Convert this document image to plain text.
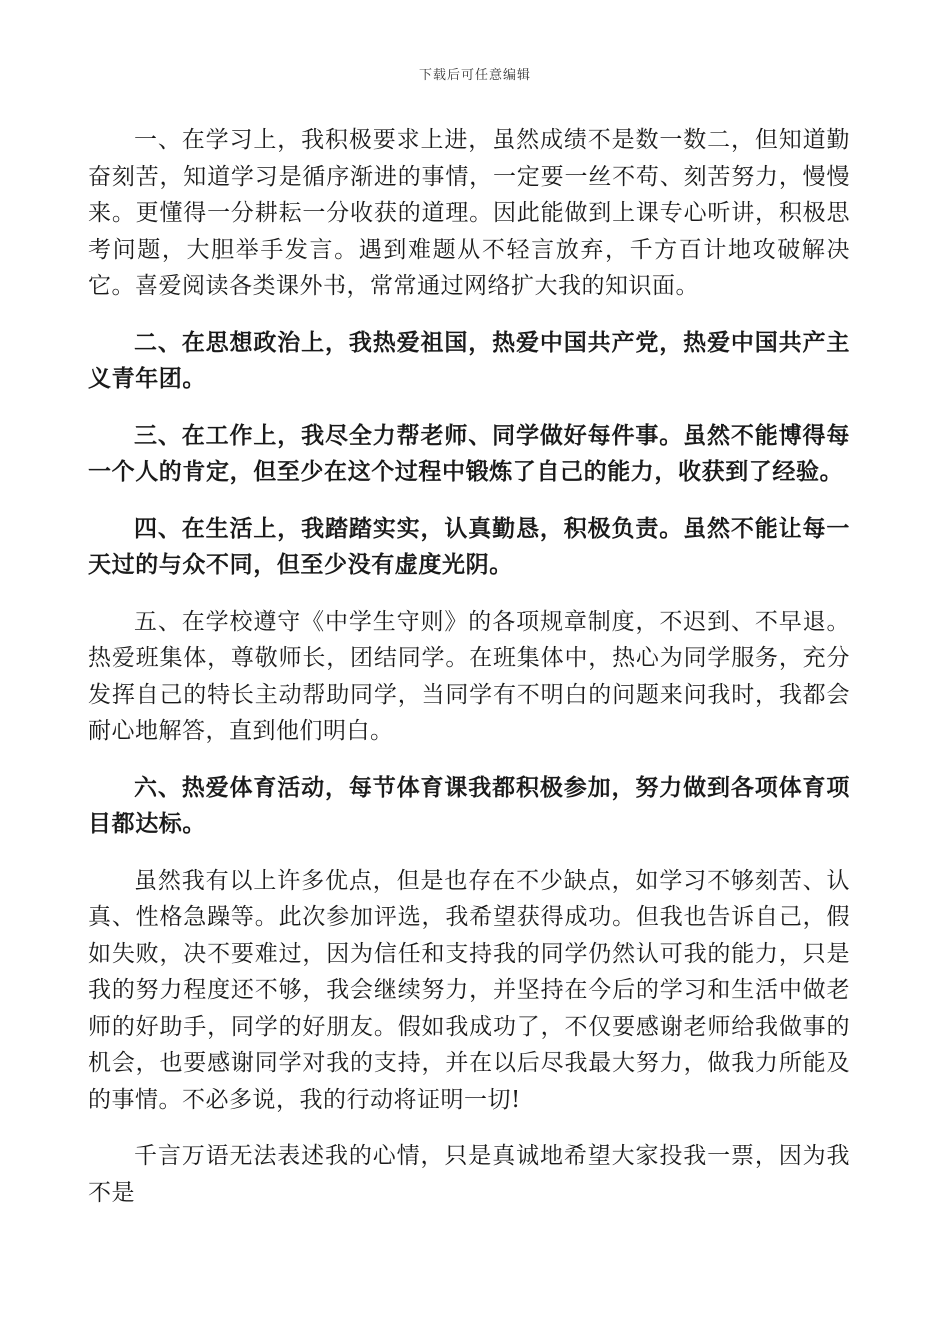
下载后可任意编辑

一、在学习上，我积极要求上进，虽然成绩不是数一数二，但知道勤奋刻苦，知道学习是循序渐进的事情，一定要一丝不苟、刻苦努力，慢慢来。更懂得一分耕耘一分收获的道理。因此能做到上课专心听讲，积极思考问题，大胆举手发言。遇到难题从不轻言放弃，千方百计地攻破解决它。喜爱阅读各类课外书，常常通过网络扩大我的知识面。

二、在思想政治上，我热爱祖国，热爱中国共产党，热爱中国共产主义青年团。

三、在工作上，我尽全力帮老师、同学做好每件事。虽然不能博得每一个人的肯定，但至少在这个过程中锻炼了自己的能力，收获到了经验。

四、在生活上，我踏踏实实，认真勤恳，积极负责。虽然不能让每一天过的与众不同，但至少没有虚度光阴。

五、在学校遵守《中学生守则》的各项规章制度，不迟到、不早退。热爱班集体，尊敬师长，团结同学。在班集体中，热心为同学服务，充分发挥自己的特长主动帮助同学，当同学有不明白的问题来问我时，我都会耐心地解答，直到他们明白。

六、热爱体育活动，每节体育课我都积极参加，努力做到各项体育项目都达标。

虽然我有以上许多优点，但是也存在不少缺点，如学习不够刻苦、认真、性格急躁等。此次参加评选，我希望获得成功。但我也告诉自己，假如失败，决不要难过，因为信任和支持我的同学仍然认可我的能力，只是我的努力程度还不够，我会继续努力，并坚持在今后的学习和生活中做老师的好助手，同学的好朋友。假如我成功了，不仅要感谢老师给我做事的机会，也要感谢同学对我的支持，并在以后尽我最大努力，做我力所能及的事情。不必多说，我的行动将证明一切!

千言万语无法表述我的心情，只是真诚地希望大家投我一票，因为我不是
